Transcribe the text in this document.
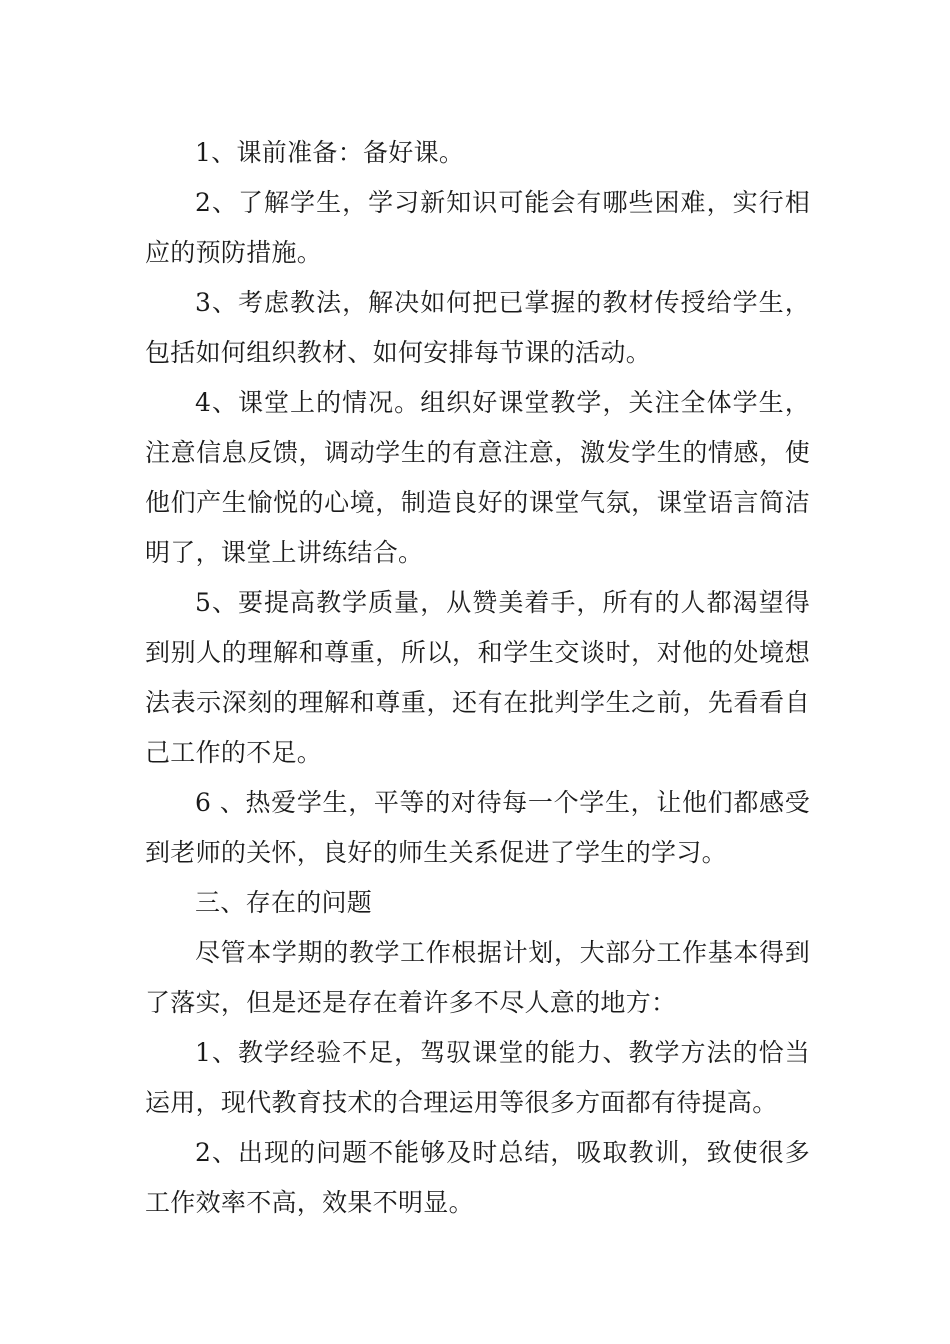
1、课前准备：备好课。

2、了解学生，学习新知识可能会有哪些困难，实行相应的预防措施。

3、考虑教法，解决如何把已掌握的教材传授给学生，包括如何组织教材、如何安排每节课的活动。

4、课堂上的情况。组织好课堂教学，关注全体学生，注意信息反馈，调动学生的有意注意，激发学生的情感，使他们产生愉悦的心境，制造良好的课堂气氛，课堂语言简洁明了，课堂上讲练结合。

5、要提高教学质量，从赞美着手，所有的人都渴望得到别人的理解和尊重，所以，和学生交谈时，对他的处境想法表示深刻的理解和尊重，还有在批判学生之前，先看看自己工作的不足。

6 、热爱学生，平等的对待每一个学生，让他们都感受到老师的关怀，良好的师生关系促进了学生的学习。

三、存在的问题

尽管本学期的教学工作根据计划，大部分工作基本得到了落实，但是还是存在着许多不尽人意的地方：

1、教学经验不足，驾驭课堂的能力、教学方法的恰当运用，现代教育技术的合理运用等很多方面都有待提高。

2、出现的问题不能够及时总结，吸取教训，致使很多工作效率不高，效果不明显。
